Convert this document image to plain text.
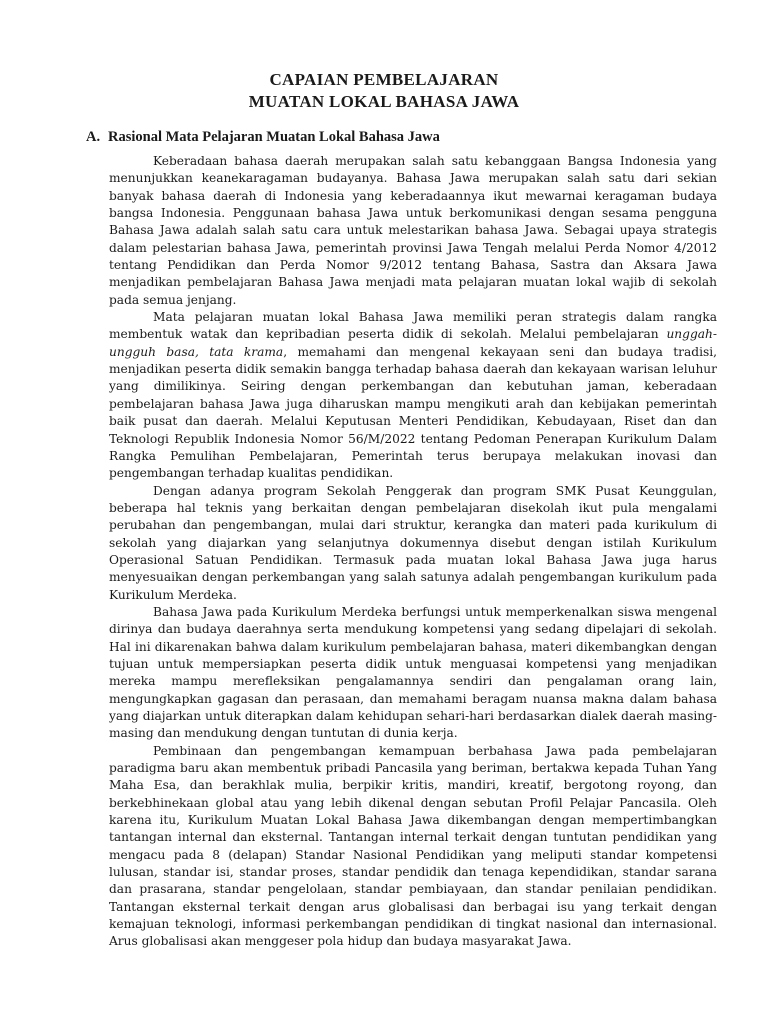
CAPAIAN PEMBELAJARAN
MUATAN LOKAL BAHASA JAWA
A. Rasional Mata Pelajaran Muatan Lokal Bahasa Jawa

Keberadaan bahasa daerah merupakan salah satu kebanggaan Bangsa Indonesia yang menunjukkan keanekaragaman budayanya. Bahasa Jawa merupakan salah satu dari sekian banyak bahasa daerah di Indonesia yang keberadaannya ikut mewarnai keragaman budaya bangsa Indonesia. Penggunaan bahasa Jawa untuk berkomunikasi dengan sesama pengguna Bahasa Jawa adalah salah satu cara untuk melestarikan bahasa Jawa. Sebagai upaya strategis dalam pelestarian bahasa Jawa, pemerintah provinsi Jawa Tengah melalui Perda Nomor 4/2012 tentang Pendidikan dan Perda Nomor 9/2012 tentang Bahasa, Sastra dan Aksara Jawa menjadikan pembelajaran Bahasa Jawa menjadi mata pelajaran muatan lokal wajib di sekolah pada semua jenjang.

Mata pelajaran muatan lokal Bahasa Jawa memiliki peran strategis dalam rangka membentuk watak dan kepribadian peserta didik di sekolah. Melalui pembelajaran unggah-ungguh basa, tata krama, memahami dan mengenal kekayaan seni dan budaya tradisi, menjadikan peserta didik semakin bangga terhadap bahasa daerah dan kekayaan warisan leluhur yang dimilikinya. Seiring dengan perkembangan dan kebutuhan jaman, keberadaan pembelajaran bahasa Jawa juga diharuskan mampu mengikuti arah dan kebijakan pemerintah baik pusat dan daerah. Melalui Keputusan Menteri Pendidikan, Kebudayaan, Riset dan dan Teknologi Republik Indonesia Nomor 56/M/2022 tentang Pedoman Penerapan Kurikulum Dalam Rangka Pemulihan Pembelajaran, Pemerintah terus berupaya melakukan inovasi dan pengembangan terhadap kualitas pendidikan.

Dengan adanya program Sekolah Penggerak dan program SMK Pusat Keunggulan, beberapa hal teknis yang berkaitan dengan pembelajaran disekolah ikut pula mengalami perubahan dan pengembangan, mulai dari struktur, kerangka dan materi pada kurikulum di sekolah yang diajarkan yang selanjutnya dokumennya disebut dengan istilah Kurikulum Operasional Satuan Pendidikan. Termasuk pada muatan lokal Bahasa Jawa juga harus menyesuaikan dengan perkembangan yang salah satunya adalah pengembangan kurikulum pada Kurikulum Merdeka.

Bahasa Jawa pada Kurikulum Merdeka berfungsi untuk memperkenalkan siswa mengenal dirinya dan budaya daerahnya serta mendukung kompetensi yang sedang dipelajari di sekolah. Hal ini dikarenakan bahwa dalam kurikulum pembelajaran bahasa, materi dikembangkan dengan tujuan untuk mempersiapkan peserta didik untuk menguasai kompetensi yang menjadikan mereka mampu merefleksikan pengalamannya sendiri dan pengalaman orang lain, mengungkapkan gagasan dan perasaan, dan memahami beragam nuansa makna dalam bahasa yang diajarkan untuk diterapkan dalam kehidupan sehari-hari berdasarkan dialek daerah masing- masing dan mendukung dengan tuntutan di dunia kerja.

Pembinaan dan pengembangan kemampuan berbahasa Jawa pada pembelajaran paradigma baru akan membentuk pribadi Pancasila yang beriman, bertakwa kepada Tuhan Yang Maha Esa, dan berakhlak mulia, berpikir kritis, mandiri, kreatif, bergotong royong, dan berkebhinekaan global atau yang lebih dikenal dengan sebutan Profil Pelajar Pancasila. Oleh karena itu, Kurikulum Muatan Lokal Bahasa Jawa dikembangan dengan mempertimbangkan tantangan internal dan eksternal. Tantangan internal terkait dengan tuntutan pendidikan yang mengacu pada 8 (delapan) Standar Nasional Pendidikan yang meliputi standar kompetensi lulusan, standar isi, standar proses, standar pendidik dan tenaga kependidikan, standar sarana dan prasarana, standar pengelolaan, standar pembiayaan, dan standar penilaian pendidikan. Tantangan eksternal terkait dengan arus globalisasi dan berbagai isu yang terkait dengan kemajuan teknologi, informasi perkembangan pendidikan di tingkat nasional dan internasional. Arus globalisasi akan menggeser pola hidup dan budaya masyarakat Jawa.
